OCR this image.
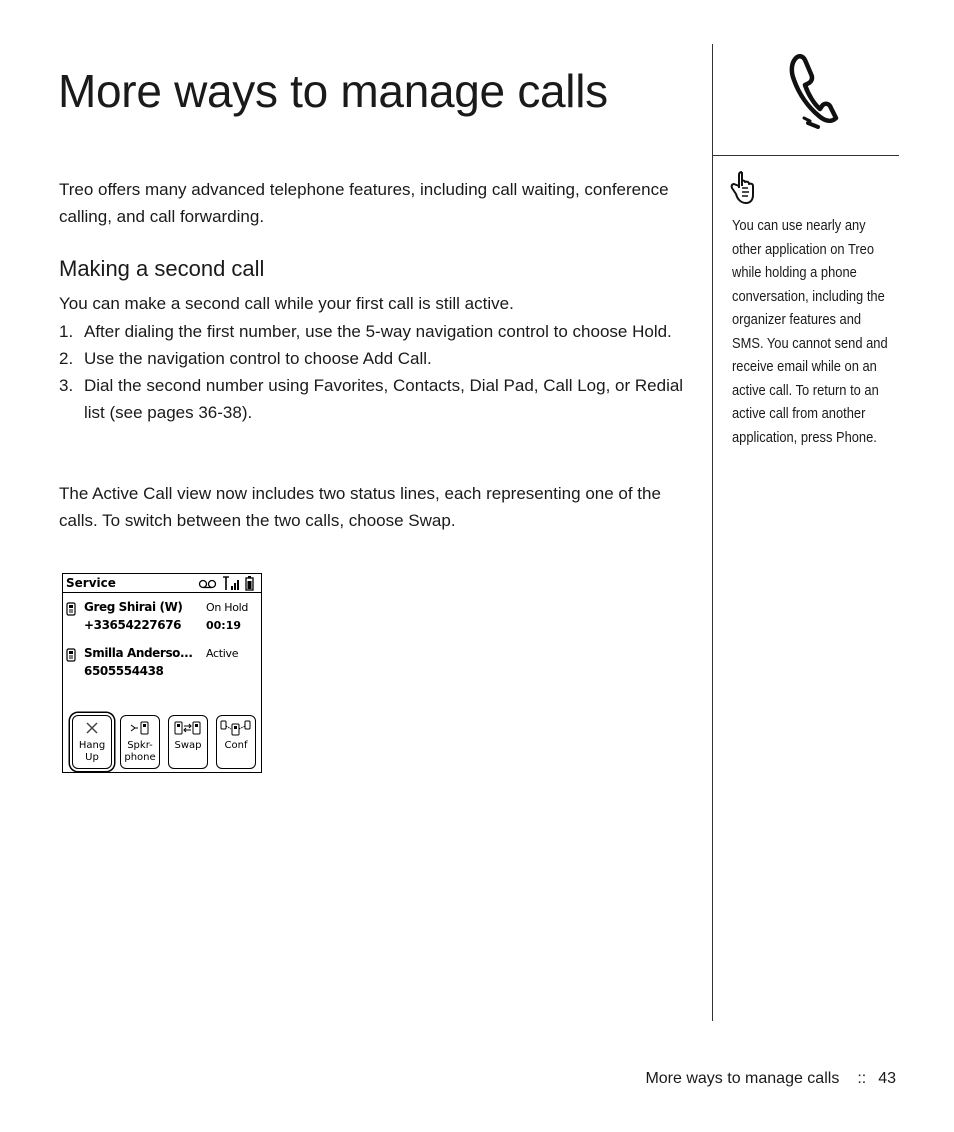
More ways to manage calls

Treo offers many advanced telephone features, including call waiting, conference calling, and call forwarding.

Making a second call

You can make a second call while your first call is still active.

1. After dialing the first number, use the 5-way navigation control to choose Hold.
2. Use the navigation control to choose Add Call.
3. Dial the second number using Favorites, Contacts, Dial Pad, Call Log, or Redial list (see pages 36-38).

The Active Call view now includes two status lines, each representing one of the calls. To switch between the two calls, choose Swap.

Service
Greg Shirai (W)
+33654227676
On Hold
00:19
Smilla Anderso...
6505554438
Active
Hang
Up
Spkr-
phone
Swap	Conf

You can use nearly any other application on Treo while holding a phone conversation, including the organizer features and SMS. You cannot send and receive email while on an active call. To return to an active call from another application, press Phone.

More ways to manage calls :: 43
